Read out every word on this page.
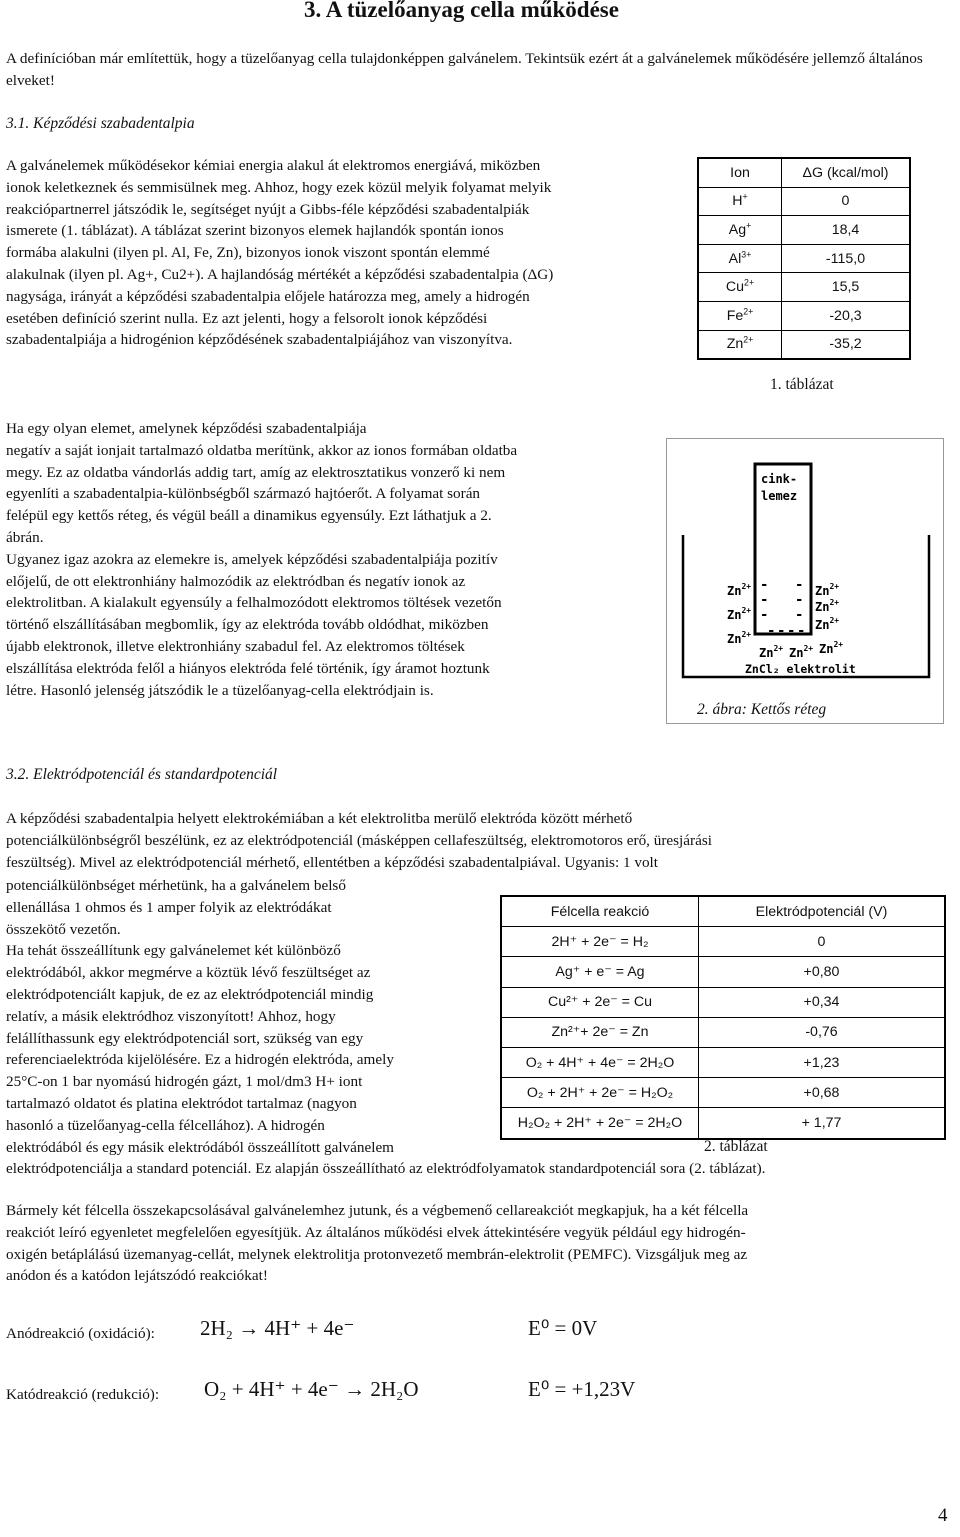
3. A tüzelőanyag cella működése
A definícióban már említettük, hogy a tüzelőanyag cella tulajdonképpen galvánelem. Tekintsük ezért át a galvánelemek működésére jellemző általános elveket!
3.1. Képződési szabadentalpia
A galvánelemek működésekor kémiai energia alakul át elektromos energiává, miközben
ionok keletkeznek és semmisülnek meg. Ahhoz, hogy ezek közül melyik folyamat melyik
reakciópartnerrel játszódik le, segítséget nyújt a Gibbs-féle képződési szabadentalpiák
ismerete (1. táblázat). A táblázat szerint bizonyos elemek hajlandók spontán ionos
formába alakulni (ilyen pl. Al, Fe, Zn), bizonyos ionok viszont spontán elemmé
alakulnak (ilyen pl. Ag+, Cu2+). A hajlandóság mértékét a képződési szabadentalpia (ΔG)
nagysága, irányát a képződési szabadentalpia előjele határozza meg, amely a hidrogén
esetében definíció szerint nulla. Ez azt jelenti, hogy a felsorolt ionok képződési
szabadentalpiája a hidrogénion képződésének szabadentalpiájához van viszonyítva.
Ion	ΔG (kcal/mol)
H+	0
Ag+	18,4
$Al^{3+}$	-115,0
$Cu^{2+}$	15,5
$Fe^{2+}$	-20,3
$Zn^{2+}$	-35,2
1. táblázat
Ha egy olyan elemet, amelynek képződési szabadentalpiája
negatív a saját ionjait tartalmazó oldatba merítünk, akkor az ionos formában oldatba
megy. Ez az oldatba vándorlás addig tart, amíg az elektrosztatikus vonzerő ki nem
egyenlíti a szabadentalpia-különbségből származó hajtóerőt. A folyamat során
felépül egy kettős réteg, és végül beáll a dinamikus egyensúly. Ezt láthatjuk a 2.
ábrán.
Ugyanez igaz azokra az elemekre is, amelyek képződési szabadentalpiája pozitív
előjelű, de ott elektronhiány halmozódik az elektródban és negatív ionok az
elektrolitban. A kialakult egyensúly a felhalmozódott elektromos töltések vezetőn
történő elszállításában megbomlik, így az elektróda tovább oldódhat, miközben
újabb elektronok, illetve elektronhiány szabadul fel. Az elektromos töltések
elszállítása elektróda felől a hiányos elektróda felé történik, így áramot hoztunk
létre. Hasonló jelenség játszódik le a tüzelőanyag-cella elektródjain is.
cink-
lemez
-
-
-
-
-
-
- - - -
$Zn^{2+}$
$Zn^{2+}$
$Zn^{2+}$
$Zn^{2+}$
$Zn^{2+}$
$Zn^{2+}$
$Zn^{2+}$ $Zn^{2+}$ $Zn^{2+}$
ZnCl₂ elektrolit
2. ábra: Kettős réteg
3.2. Elektródpotenciál és standardpotenciál
A képződési szabadentalpia helyett elektrokémiában a két elektrolitba merülő elektróda között mérhető
potenciálkülönbségről beszélünk, ez az elektródpotenciál (másképpen cellafeszültség, elektromotoros erő, üresjárási
feszültség). Mivel az elektródpotenciál mérhető, ellentétben a képződési szabadentalpiával. Ugyanis: 1 volt
potenciálkülönbséget mérhetünk, ha a galvánelem belső
ellenállása 1 ohmos és 1 amper folyik az elektródákat
összekötő vezetőn.
Ha tehát összeállítunk egy galvánelemet két különböző
elektródából, akkor megmérve a köztük lévő feszültséget az
elektródpotenciált kapjuk, de ez az elektródpotenciál mindig
relatív, a másik elektródhoz viszonyított! Ahhoz, hogy
felállíthassunk egy elektródpotenciál sort, szükség van egy
referenciaelektróda kijelölésére. Ez a hidrogén elektróda, amely
25°C-on 1 bar nyomású hidrogén gázt, 1 mol/dm3 H+ iont
tartalmazó oldatot és platina elektródot tartalmaz (nagyon
hasonló a tüzelőanyag-cella félcellához). A hidrogén
elektródából és egy másik elektródából összeállított galvánelem
elektródpotenciálja a standard potenciál. Ez alapján összeállítható az elektródfolyamatok standardpotenciál sora (2. táblázat).
Félcella reakció	Elektródpotenciál (V)
2H⁺ + 2e⁻ = H₂	0
Ag⁺ + e⁻ = Ag	+0,80
Cu²⁺ + 2e⁻ = Cu	+0,34
Zn²⁺+ 2e⁻ = Zn	-0,76
O₂ + 4H⁺ + 4e⁻ = 2H₂O	+1,23
O₂ + 2H⁺ + 2e⁻ = H₂O₂	+0,68
H₂O₂ + 2H⁺ + 2e⁻ = 2H₂O	+ 1,77
2. táblázat
Bármely két félcella összekapcsolásával galvánelemhez jutunk, és a végbemenő cellareakciót megkapjuk, ha a két félcella
reakciót leíró egyenletet megfelelően egyesítjük. Az általános működési elvek áttekintésére vegyük például egy hidrogén-
oxigén betáplálású üzemanyag-cellát, melynek elektrolitja protonvezető membrán-elektrolit (PEMFC). Vizsgáljuk meg az
anódon és a katódon lejátszódó reakciókat!
Anódreakció (oxidáció): 2H₂ → 4H⁺ + 4e⁻	E⁰ = 0V
Katódreakció (redukció): O₂ + 4H⁺ + 4e⁻ → 2H₂O	E⁰ = +1,23V
4
